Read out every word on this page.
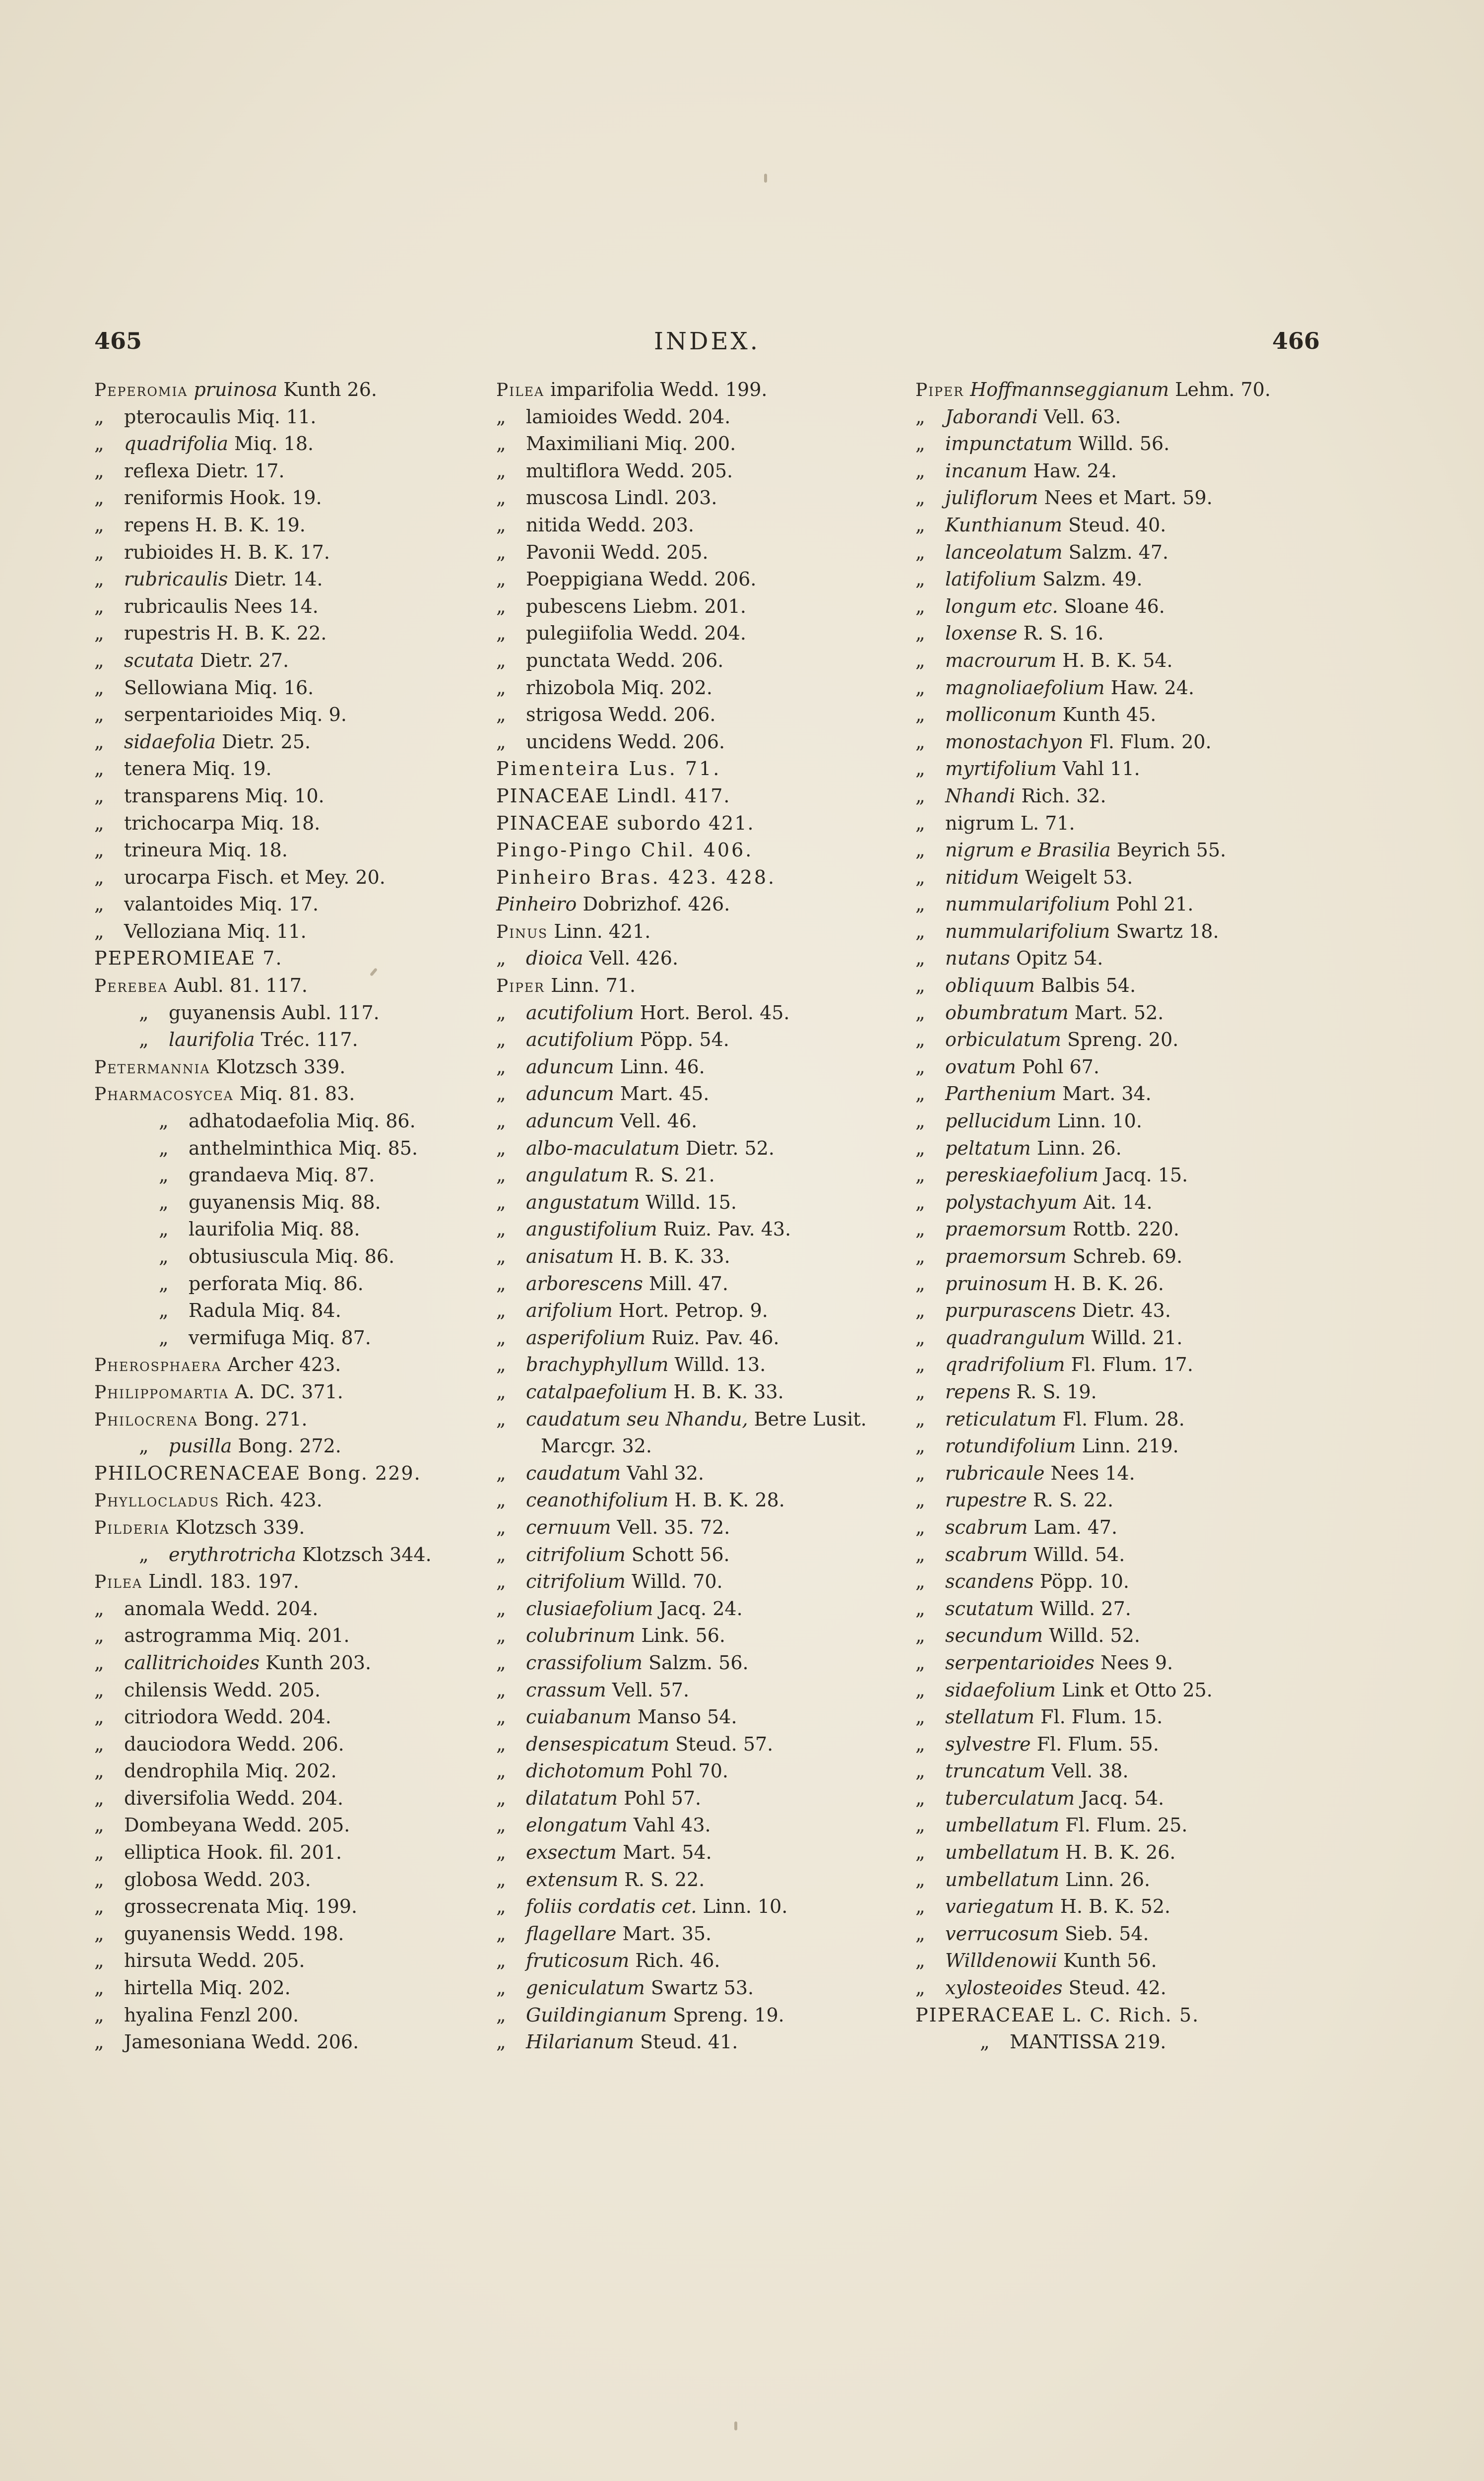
465	INDEX.	466
Peperomia pruinosa Kunth 26.
„ pterocaulis Miq. 11.
„ quadrifolia Miq. 18.
„ reflexa Dietr. 17.
„ reniformis Hook. 19.
„ repens H. B. K. 19.
„ rubioides H. B. K. 17.
„ rubricaulis Dietr. 14.
„ rubricaulis Nees 14.
„ rupestris H. B. K. 22.
„ scutata Dietr. 27.
„ Sellowiana Miq. 16.
„ serpentarioides Miq. 9.
„ sidaefolia Dietr. 25.
„ tenera Miq. 19.
„ transparens Miq. 10.
„ trichocarpa Miq. 18.
„ trineura Miq. 18.
„ urocarpa Fisch. et Mey. 20.
„ valantoides Miq. 17.
„ Velloziana Miq. 11.
PEPEROMIEAE 7.
Perebea Aubl. 81. 117.
„ guyanensis Aubl. 117.
„ laurifolia Tréc. 117.
Petermannia Klotzsch 339.
Pharmacosycea Miq. 81. 83.
„ adhatodaefolia Miq. 86.
„ anthelminthica Miq. 85.
„ grandaeva Miq. 87.
„ guyanensis Miq. 88.
„ laurifolia Miq. 88.
„ obtusiuscula Miq. 86.
„ perforata Miq. 86.
„ Radula Miq. 84.
„ vermifuga Miq. 87.
Pherosphaera Archer 423.
Philippomartia A. DC. 371.
Philocrena Bong. 271.
„ pusilla Bong. 272.
PHILOCRENACEAE Bong. 229.
Phyllocladus Rich. 423.
Pilderia Klotzsch 339.
„ erythrotricha Klotzsch 344.
Pilea Lindl. 183. 197.
„ anomala Wedd. 204.
„ astrogramma Miq. 201.
„ callitrichoides Kunth 203.
„ chilensis Wedd. 205.
„ citriodora Wedd. 204.
„ dauciodora Wedd. 206.
„ dendrophila Miq. 202.
„ diversifolia Wedd. 204.
„ Dombeyana Wedd. 205.
„ elliptica Hook. fil. 201.
„ globosa Wedd. 203.
„ grossecrenata Miq. 199.
„ guyanensis Wedd. 198.
„ hirsuta Wedd. 205.
„ hirtella Miq. 202.
„ hyalina Fenzl 200.
„ Jamesoniana Wedd. 206.
Pilea imparifolia Wedd. 199.
„ lamioides Wedd. 204.
„ Maximiliani Miq. 200.
„ multiflora Wedd. 205.
„ muscosa Lindl. 203.
„ nitida Wedd. 203.
„ Pavonii Wedd. 205.
„ Poeppigiana Wedd. 206.
„ pubescens Liebm. 201.
„ pulegiifolia Wedd. 204.
„ punctata Wedd. 206.
„ rhizobola Miq. 202.
„ strigosa Wedd. 206.
„ uncidens Wedd. 206.
Pimenteira Lus. 71.
PINACEAE Lindl. 417.
PINACEAE subordo 421.
Pingo-Pingo Chil. 406.
Pinheiro Bras. 423. 428.
Pinheiro Dobrizhof. 426.
Pinus Linn. 421.
„ dioica Vell. 426.
Piper Linn. 71.
„ acutifolium Hort. Berol. 45.
„ acutifolium Pöpp. 54.
„ aduncum Linn. 46.
„ aduncum Mart. 45.
„ aduncum Vell. 46.
„ albo-maculatum Dietr. 52.
„ angulatum R. S. 21.
„ angustatum Willd. 15.
„ angustifolium Ruiz. Pav. 43.
„ anisatum H. B. K. 33.
„ arborescens Mill. 47.
„ arifolium Hort. Petrop. 9.
„ asperifolium Ruiz. Pav. 46.
„ brachyphyllum Willd. 13.
„ catalpaefolium H. B. K. 33.
„ caudatum seu Nhandu, Betre Lusit.
Marcgr. 32.
„ caudatum Vahl 32.
„ ceanothifolium H. B. K. 28.
„ cernuum Vell. 35. 72.
„ citrifolium Schott 56.
„ citrifolium Willd. 70.
„ clusiaefolium Jacq. 24.
„ colubrinum Link. 56.
„ crassifolium Salzm. 56.
„ crassum Vell. 57.
„ cuiabanum Manso 54.
„ densespicatum Steud. 57.
„ dichotomum Pohl 70.
„ dilatatum Pohl 57.
„ elongatum Vahl 43.
„ exsectum Mart. 54.
„ extensum R. S. 22.
„ foliis cordatis cet. Linn. 10.
„ flagellare Mart. 35.
„ fruticosum Rich. 46.
„ geniculatum Swartz 53.
„ Guildingianum Spreng. 19.
„ Hilarianum Steud. 41.
Piper Hoffmannseggianum Lehm. 70.
„ Jaborandi Vell. 63.
„ impunctatum Willd. 56.
„ incanum Haw. 24.
„ juliflorum Nees et Mart. 59.
„ Kunthianum Steud. 40.
„ lanceolatum Salzm. 47.
„ latifolium Salzm. 49.
„ longum etc. Sloane 46.
„ loxense R. S. 16.
„ macrourum H. B. K. 54.
„ magnoliaefolium Haw. 24.
„ molliconum Kunth 45.
„ monostachyon Fl. Flum. 20.
„ myrtifolium Vahl 11.
„ Nhandi Rich. 32.
„ nigrum L. 71.
„ nigrum e Brasilia Beyrich 55.
„ nitidum Weigelt 53.
„ nummularifolium Pohl 21.
„ nummularifolium Swartz 18.
„ nutans Opitz 54.
„ obliquum Balbis 54.
„ obumbratum Mart. 52.
„ orbiculatum Spreng. 20.
„ ovatum Pohl 67.
„ Parthenium Mart. 34.
„ pellucidum Linn. 10.
„ peltatum Linn. 26.
„ pereskiaefolium Jacq. 15.
„ polystachyum Ait. 14.
„ praemorsum Rottb. 220.
„ praemorsum Schreb. 69.
„ pruinosum H. B. K. 26.
„ purpurascens Dietr. 43.
„ quadrangulum Willd. 21.
„ qradrifolium Fl. Flum. 17.
„ repens R. S. 19.
„ reticulatum Fl. Flum. 28.
„ rotundifolium Linn. 219.
„ rubricaule Nees 14.
„ rupestre R. S. 22.
„ scabrum Lam. 47.
„ scabrum Willd. 54.
„ scandens Pöpp. 10.
„ scutatum Willd. 27.
„ secundum Willd. 52.
„ serpentarioides Nees 9.
„ sidaefolium Link et Otto 25.
„ stellatum Fl. Flum. 15.
„ sylvestre Fl. Flum. 55.
„ truncatum Vell. 38.
„ tuberculatum Jacq. 54.
„ umbellatum Fl. Flum. 25.
„ umbellatum H. B. K. 26.
„ umbellatum Linn. 26.
„ variegatum H. B. K. 52.
„ verrucosum Sieb. 54.
„ Willdenowii Kunth 56.
„ xylosteoides Steud. 42.
PIPERACEAE L. C. Rich. 5.
„ MANTISSA 219.
